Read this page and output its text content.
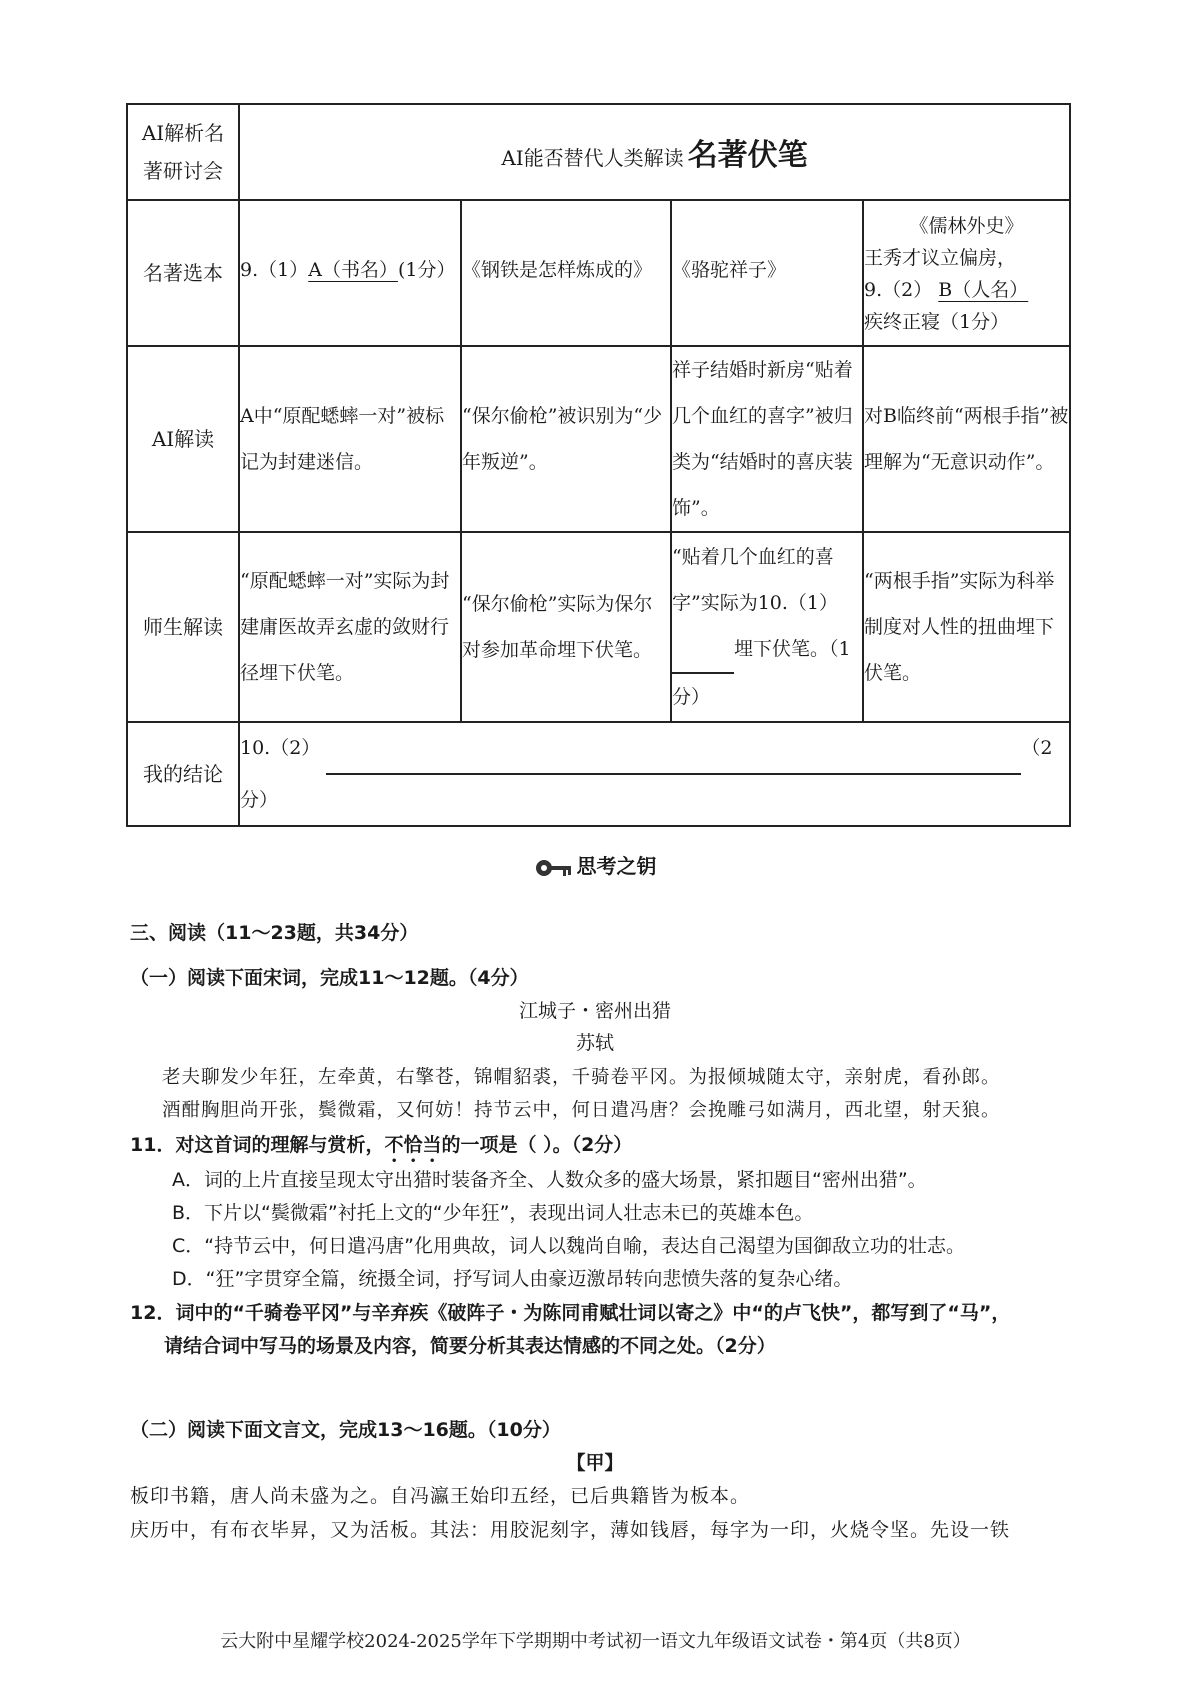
AI解析名著研讨会	AI能否替代人类解读 名著伏笔			
名著选本	9.（1）A（书名）(1分）	《钢铁是怎样炼成的》	《骆驼祥子》	《儒林外史》
王秀才议立偏房，
9.（2） B（人名）
疾终正寝（1分）

AI解读	A中“原配蟋蟀一对”被标记为封建迷信。	“保尔偷枪”被识别为“少年叛逆”。	祥子结婚时新房“贴着几个血红的喜字”被归类为“结婚时的喜庆装饰”。	对B临终前“两根手指”被理解为“无意识动作”。
师生解读	“原配蟋蟀一对”实际为封建庸医故弄玄虚的敛财行径埋下伏笔。	“保尔偷枪”实际为保尔对参加革命埋下伏笔。	“贴着几个血红的喜字”实际为10.（1） 埋下伏笔。（1分）	“两根手指”实际为科举制度对人性的扭曲埋下伏笔。
我的结论	10.（2） （2分）			
思考之钥
三、阅读（11～23题，共34分）
（一）阅读下面宋词，完成11～12题。（4分）
江城子・密州出猎
苏轼
老夫聊发少年狂，左牵黄，右擎苍，锦帽貂裘，千骑卷平冈。为报倾城随太守，亲射虎，看孙郎。
酒酣胸胆尚开张，鬓微霜，又何妨！持节云中，何日遣冯唐？会挽雕弓如满月，西北望，射天狼。
11．对这首词的理解与赏析，不恰当的一项是（ ）。（2分）
A．词的上片直接呈现太守出猎时装备齐全、人数众多的盛大场景，紧扣题目“密州出猎”。
B．下片以“鬓微霜”衬托上文的“少年狂”，表现出词人壮志未已的英雄本色。
C．“持节云中，何日遣冯唐”化用典故，词人以魏尚自喻，表达自己渴望为国御敌立功的壮志。
D．“狂”字贯穿全篇，统摄全词，抒写词人由豪迈激昂转向悲愤失落的复杂心绪。
12．词中的“千骑卷平冈”与辛弃疾《破阵子・为陈同甫赋壮词以寄之》中“的卢飞快”，都写到了“马”，
请结合词中写马的场景及内容，简要分析其表达情感的不同之处。（2分）
（二）阅读下面文言文，完成13～16题。（10分）
【甲】
板印书籍，唐人尚未盛为之。自冯瀛王始印五经，已后典籍皆为板本。
庆历中，有布衣毕昇，又为活板。其法：用胶泥刻字，薄如钱唇，每字为一印，火烧令坚。先设一铁
云大附中星耀学校2024-2025学年下学期期中考试初一语文九年级语文试卷・第4页（共8页）
